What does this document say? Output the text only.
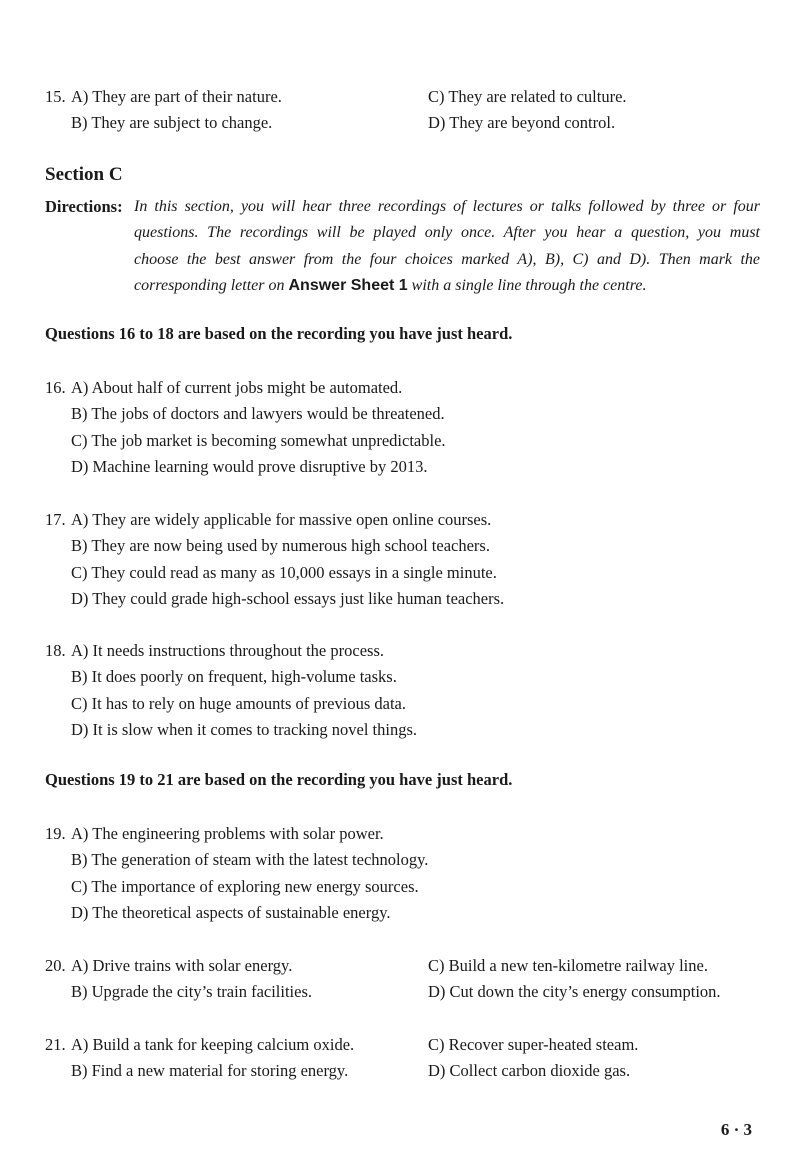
15. A) They are part of their nature.	C) They are related to culture.
B) They are subject to change.	D) They are beyond control.
Section C
Directions: In this section, you will hear three recordings of lectures or talks followed by three or four
questions. The recordings will be played only once. After you hear a question, you must
choose the best answer from the four choices marked A), B), C) and D). Then mark the
corresponding letter on Answer Sheet 1 with a single line through the centre.
Questions 16 to 18 are based on the recording you have just heard.
16. A) About half of current jobs might be automated.
B) The jobs of doctors and lawyers would be threatened.
C) The job market is becoming somewhat unpredictable.
D) Machine learning would prove disruptive by 2013.
17. A) They are widely applicable for massive open online courses.
B) They are now being used by numerous high school teachers.
C) They could read as many as 10,000 essays in a single minute.
D) They could grade high-school essays just like human teachers.
18. A) It needs instructions throughout the process.
B) It does poorly on frequent, high-volume tasks.
C) It has to rely on huge amounts of previous data.
D) It is slow when it comes to tracking novel things.
Questions 19 to 21 are based on the recording you have just heard.
19. A) The engineering problems with solar power.
B) The generation of steam with the latest technology.
C) The importance of exploring new energy sources.
D) The theoretical aspects of sustainable energy.
20. A) Drive trains with solar energy.	C) Build a new ten-kilometre railway line.
B) Upgrade the city’s train facilities.	D) Cut down the city’s energy consumption.
21. A) Build a tank for keeping calcium oxide.	C) Recover super-heated steam.
B) Find a new material for storing energy.	D) Collect carbon dioxide gas.
6 · 3
